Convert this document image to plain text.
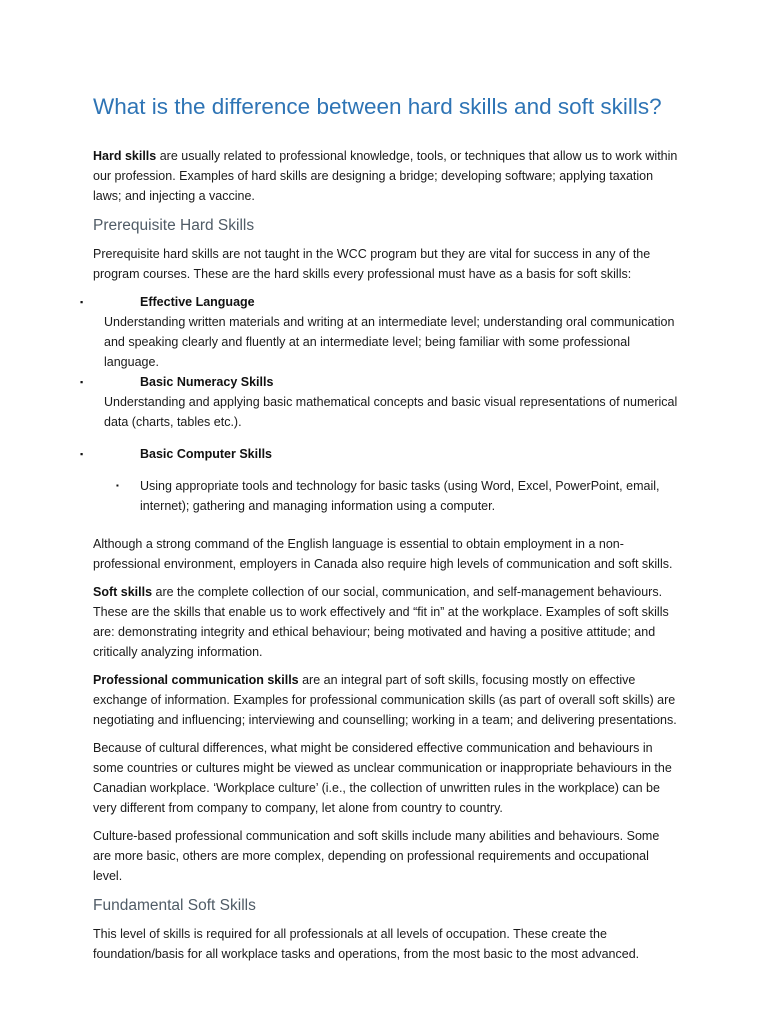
What is the difference between hard skills and soft skills?

Hard skills are usually related to professional knowledge, tools, or techniques that allow us to work within our profession. Examples of hard skills are designing a bridge; developing software; applying taxation laws; and injecting a vaccine.

Prerequisite Hard Skills

Prerequisite hard skills are not taught in the WCC program but they are vital for success in any of the program courses. These are the hard skills every professional must have as a basis for soft skills:

▪	Effective Language
Understanding written materials and writing at an intermediate level; understanding oral communication and speaking clearly and fluently at an intermediate level; being familiar with some professional language.
▪	Basic Numeracy Skills
Understanding and applying basic mathematical concepts and basic visual representations of numerical data (charts, tables etc.).
▪	Basic Computer Skills
▪ Using appropriate tools and technology for basic tasks (using Word, Excel, PowerPoint, email, internet); gathering and managing information using a computer.

Although a strong command of the English language is essential to obtain employment in a non-professional environment, employers in Canada also require high levels of communication and soft skills.

Soft skills are the complete collection of our social, communication, and self-management behaviours. These are the skills that enable us to work effectively and “fit in” at the workplace. Examples of soft skills are: demonstrating integrity and ethical behaviour; being motivated and having a positive attitude; and critically analyzing information.

Professional communication skills are an integral part of soft skills, focusing mostly on effective exchange of information. Examples for professional communication skills (as part of overall soft skills) are negotiating and influencing; interviewing and counselling; working in a team; and delivering presentations.

Because of cultural differences, what might be considered effective communication and behaviours in some countries or cultures might be viewed as unclear communication or inappropriate behaviours in the Canadian workplace. ‘Workplace culture’ (i.e., the collection of unwritten rules in the workplace) can be very different from company to company, let alone from country to country.

Culture-based professional communication and soft skills include many abilities and behaviours. Some are more basic, others are more complex, depending on professional requirements and occupational level.

Fundamental Soft Skills

This level of skills is required for all professionals at all levels of occupation. These create the foundation/basis for all workplace tasks and operations, from the most basic to the most advanced.
